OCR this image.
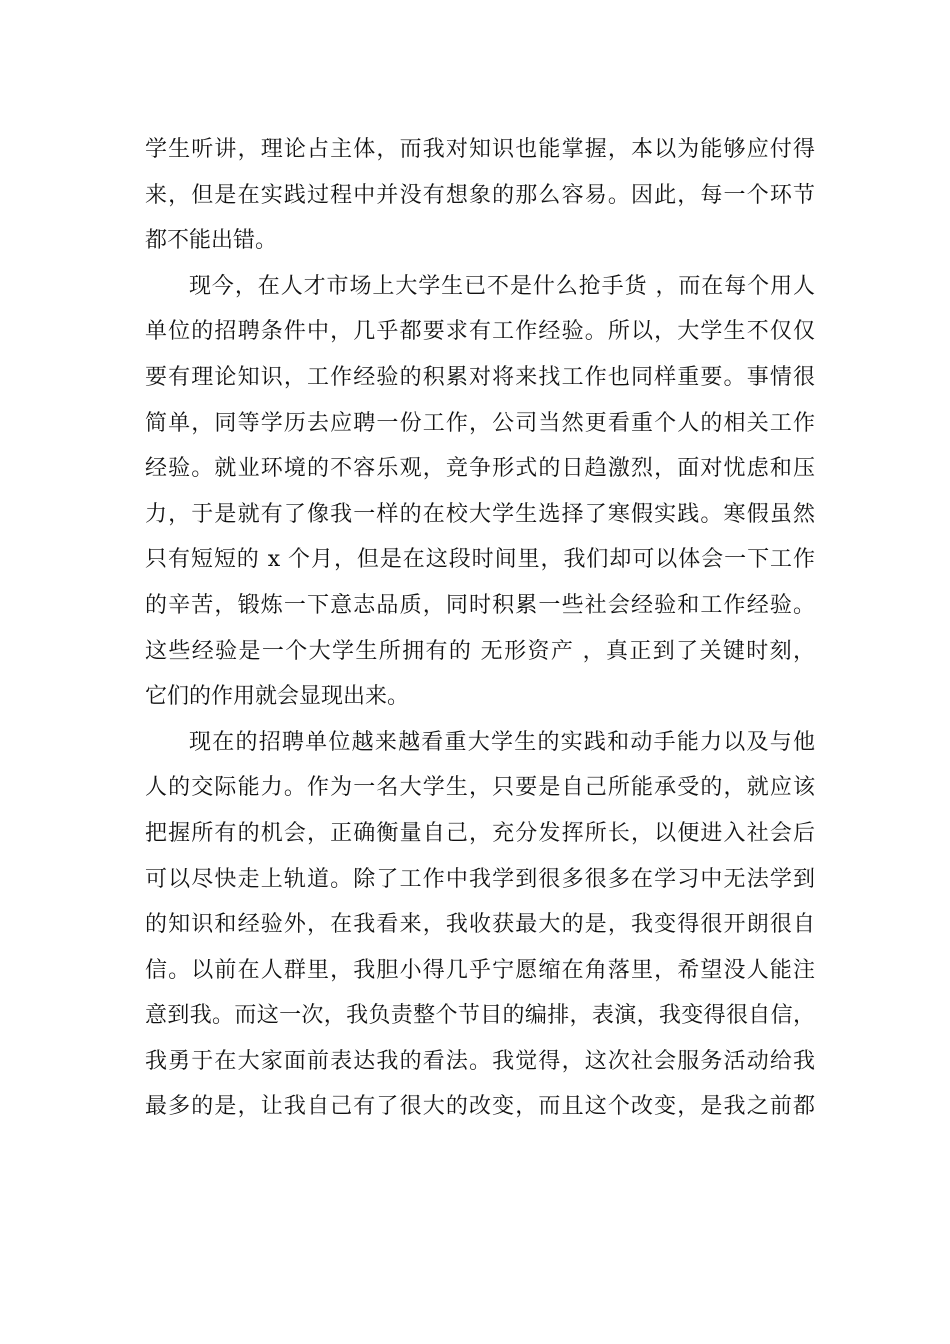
学生听讲，理论占主体，而我对知识也能掌握，本以为能够应付得
来，但是在实践过程中并没有想象的那么容易。因此，每一个环节
都不能出错。
现今，在人才市场上大学生已不是什么抢手货 ，而在每个用人
单位的招聘条件中，几乎都要求有工作经验。所以，大学生不仅仅
要有理论知识，工作经验的积累对将来找工作也同样重要。事情很
简单，同等学历去应聘一份工作，公司当然更看重个人的相关工作
经验。就业环境的不容乐观，竞争形式的日趋激烈，面对忧虑和压
力，于是就有了像我一样的在校大学生选择了寒假实践。寒假虽然
只有短短的 x 个月，但是在这段时间里，我们却可以体会一下工作
的辛苦，锻炼一下意志品质，同时积累一些社会经验和工作经验。
这些经验是一个大学生所拥有的 无形资产 ，真正到了关键时刻，
它们的作用就会显现出来。
现在的招聘单位越来越看重大学生的实践和动手能力以及与他
人的交际能力。作为一名大学生，只要是自己所能承受的，就应该
把握所有的机会，正确衡量自己，充分发挥所长，以便进入社会后
可以尽快走上轨道。除了工作中我学到很多很多在学习中无法学到
的知识和经验外，在我看来，我收获最大的是，我变得很开朗很自
信。以前在人群里，我胆小得几乎宁愿缩在角落里，希望没人能注
意到我。而这一次，我负责整个节目的编排，表演，我变得很自信，
我勇于在大家面前表达我的看法。我觉得，这次社会服务活动给我
最多的是，让我自己有了很大的改变，而且这个改变，是我之前都
